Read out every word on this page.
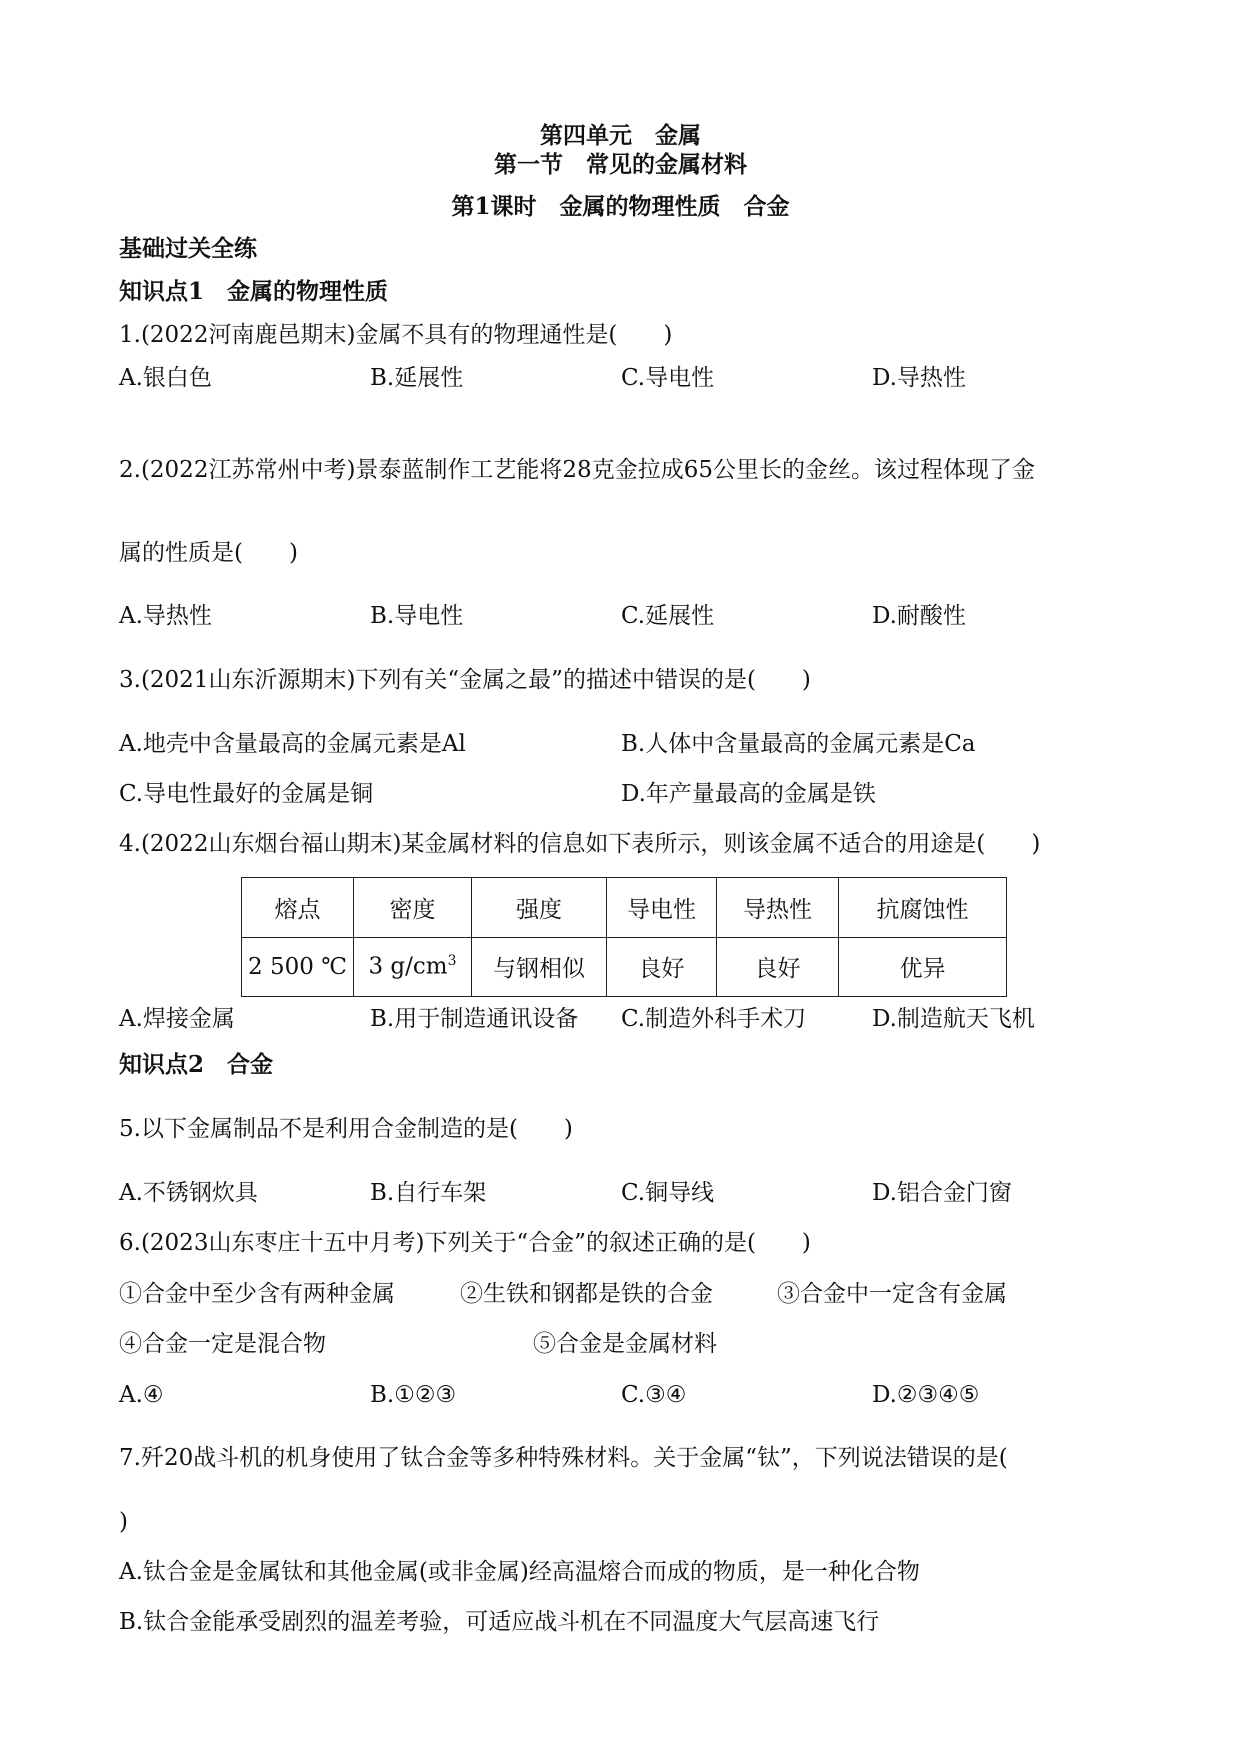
第四单元　金属
第一节　常见的金属材料
第1课时　金属的物理性质　合金
基础过关全练
知识点1　金属的物理性质
1.(2022河南鹿邑期末)金属不具有的物理通性是(　　)
A.银白色	B.延展性	C.导电性	D.导热性
2.(2022江苏常州中考)景泰蓝制作工艺能将28克金拉成65公里长的金丝。该过程体现了金
属的性质是(　　)
A.导热性	B.导电性	C.延展性	D.耐酸性
3.(2021山东沂源期末)下列有关“金属之最”的描述中错误的是(　　)
A.地壳中含量最高的金属元素是Al	B.人体中含量最高的金属元素是Ca
C.导电性最好的金属是铜	D.年产量最高的金属是铁
4.(2022山东烟台福山期末)某金属材料的信息如下表所示，则该金属不适合的用途是(　　)
熔点	密度	强度	导电性	导热性	抗腐蚀性
2 500 ℃	3 $g/cm^3$	与钢相似	良好	良好	优异
A.焊接金属	B.用于制造通讯设备 C.制造外科手术刀	D.制造航天飞机
知识点2　合金
5.以下金属制品不是利用合金制造的是(　　)
A.不锈钢炊具	B.自行车架	C.铜导线	D.铝合金门窗
6.(2023山东枣庄十五中月考)下列关于“合金”的叙述正确的是(　　)
①合金中至少含有两种金属	②生铁和钢都是铁的合金	③合金中一定含有金属
④合金一定是混合物	⑤合金是金属材料
A.④	B.①②③	C.③④	D.②③④⑤
7.歼20战斗机的机身使用了钛合金等多种特殊材料。关于金属“钛”，下列说法错误的是(
)
A.钛合金是金属钛和其他金属(或非金属)经高温熔合而成的物质，是一种化合物
B.钛合金能承受剧烈的温差考验，可适应战斗机在不同温度大气层高速飞行
